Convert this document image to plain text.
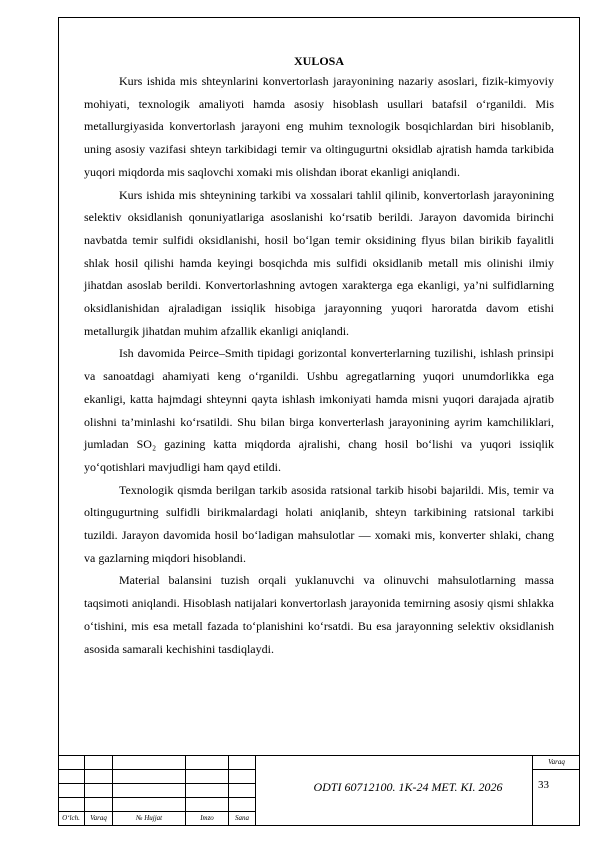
XULOSA

Kurs ishida mis shteynlarini konvertorlash jarayonining nazariy asoslari, fizik-kimyoviy mohiyati, texnologik amaliyoti hamda asosiy hisoblash usullari batafsil o‘rganildi. Mis metallurgiyasida konvertorlash jarayoni eng muhim texnologik bosqichlardan biri hisoblanib, uning asosiy vazifasi shteyn tarkibidagi temir va oltingugurtni oksidlab ajratish hamda tarkibida yuqori miqdorda mis saqlovchi xomaki mis olishdan iborat ekanligi aniqlandi.

Kurs ishida mis shteynining tarkibi va xossalari tahlil qilinib, konvertorlash jarayonining selektiv oksidlanish qonuniyatlariga asoslanishi ko‘rsatib berildi. Jarayon davomida birinchi navbatda temir sulfidi oksidlanishi, hosil bo‘lgan temir oksidining flyus bilan birikib fayalitli shlak hosil qilishi hamda keyingi bosqichda mis sulfidi oksidlanib metall mis olinishi ilmiy jihatdan asoslab berildi. Konvertorlashning avtogen xarakterga ega ekanligi, ya’ni sulfidlarning oksidlanishidan ajraladigan issiqlik hisobiga jarayonning yuqori haroratda davom etishi metallurgik jihatdan muhim afzallik ekanligi aniqlandi.

Ish davomida Peirce–Smith tipidagi gorizontal konverterlarning tuzilishi, ishlash prinsipi va sanoatdagi ahamiyati keng o‘rganildi. Ushbu agregatlarning yuqori unumdorlikka ega ekanligi, katta hajmdagi shteynni qayta ishlash imkoniyati hamda misni yuqori darajada ajratib olishni ta’minlashi ko‘rsatildi. Shu bilan birga konverterlash jarayonining ayrim kamchiliklari, jumladan SO₂ gazining katta miqdorda ajralishi, chang hosil bo‘lishi va yuqori issiqlik yo‘qotishlari mavjudligi ham qayd etildi.

Texnologik qismda berilgan tarkib asosida ratsional tarkib hisobi bajarildi. Mis, temir va oltingugurtning sulfidli birikmalardagi holati aniqlanib, shteyn tarkibining ratsional tarkibi tuzildi. Jarayon davomida hosil bo‘ladigan mahsulotlar — xomaki mis, konverter shlaki, chang va gazlarning miqdori hisoblandi.

Material balansini tuzish orqali yuklanuvchi va olinuvchi mahsulotlarning massa taqsimoti aniqlandi. Hisoblash natijalari konvertorlash jarayonida temirning asosiy qismi shlakka o‘tishini, mis esa metall fazada to‘planishini ko‘rsatdi. Bu esa jarayonning selektiv oksidlanish asosida samarali kechishini tasdiqlaydi.

O‘lch.	Varaq	№ Hujjat	Imzo	Sana
ODTI 60712100. 1K-24 MET. KI. 2026
Varaq
33
